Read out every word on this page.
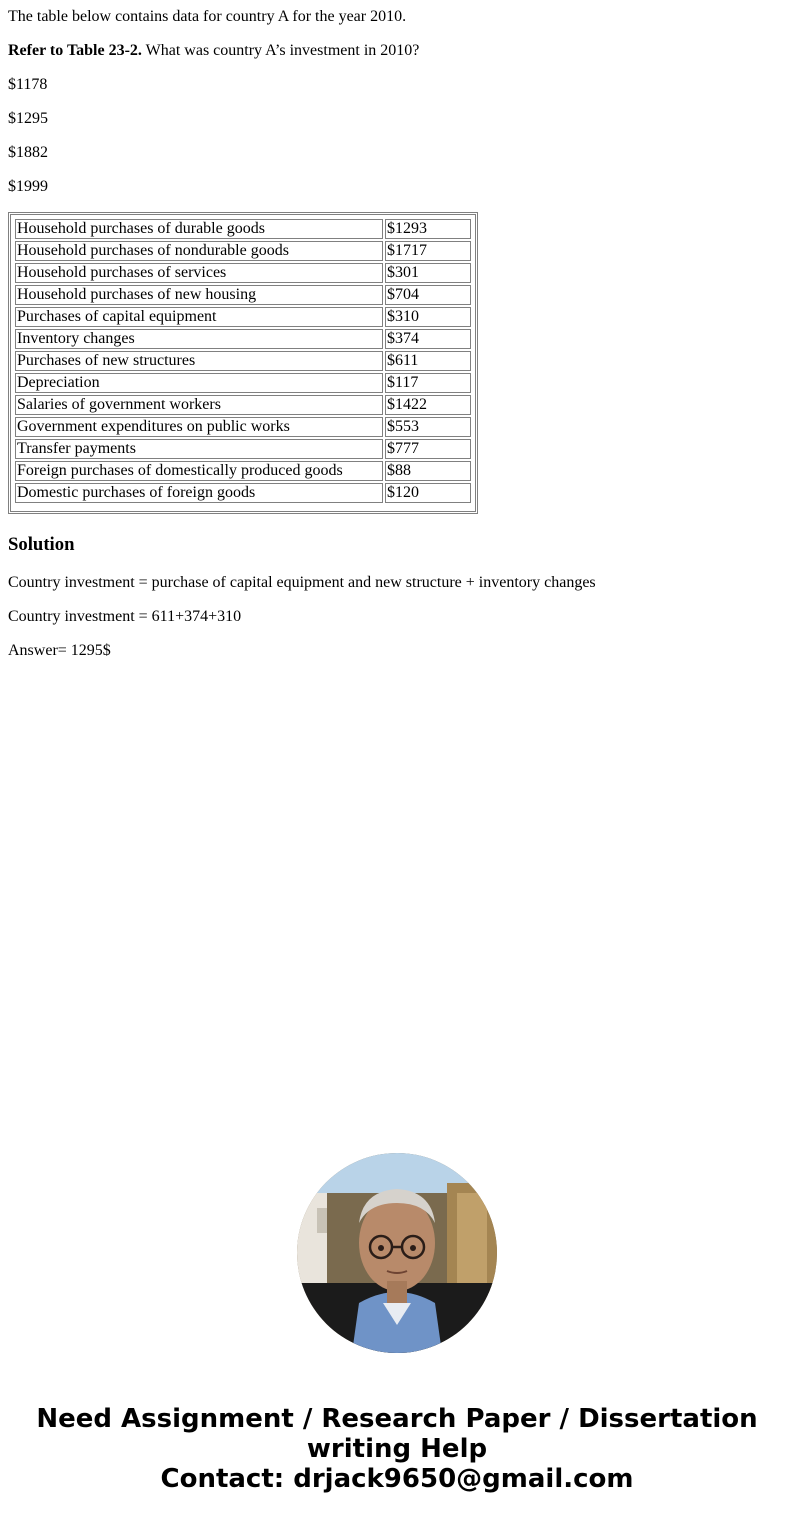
The table below contains data for country A for the year 2010.

Refer to Table 23-2. What was country A’s investment in 2010?

$1178

$1295

$1882

$1999

Household purchases of durable goods	$1293
Household purchases of nondurable goods	$1717
Household purchases of services	$301
Household purchases of new housing	$704
Purchases of capital equipment	$310
Inventory changes	$374
Purchases of new structures	$611
Depreciation	$117
Salaries of government workers	$1422
Government expenditures on public works	$553
Transfer payments	$777
Foreign purchases of domestically produced goods	$88
Domestic purchases of foreign goods	$120
Solution

Country investment = purchase of capital equipment and new structure + inventory changes

Country investment = 611+374+310

Answer= 1295$

Need Assignment / Research Paper / Dissertation
writing Help
Contact: drjack9650@gmail.com
